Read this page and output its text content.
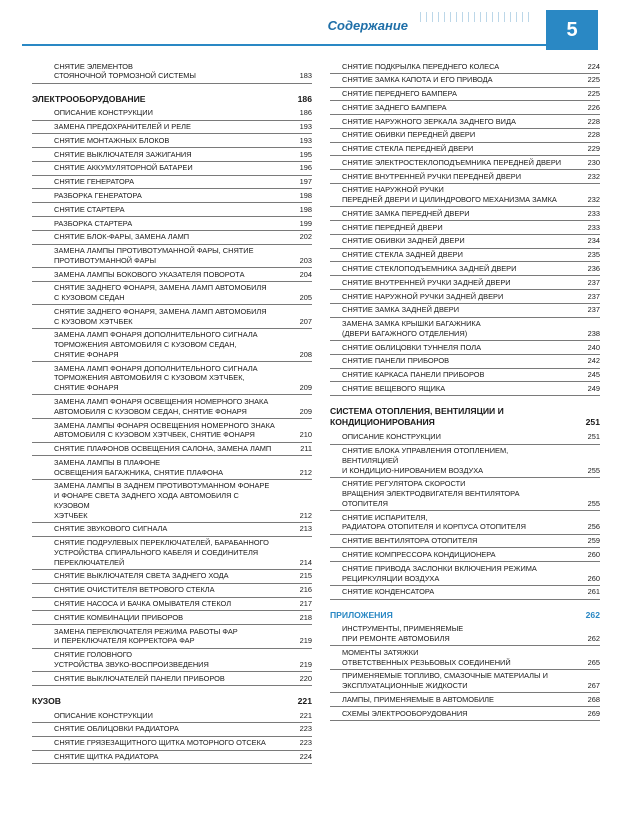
Содержание	5
СНЯТИЕ ЭЛЕМЕНТОВ
СТОЯНОЧНОЙ ТОРМОЗНОЙ СИСТЕМЫ	183
ЭЛЕКТРООБОРУДОВАНИЕ	186
ОПИСАНИЕ КОНСТРУКЦИИ	186
ЗАМЕНА ПРЕДОХРАНИТЕЛЕЙ И РЕЛЕ	193
СНЯТИЕ МОНТАЖНЫХ БЛОКОВ	193
СНЯТИЕ ВЫКЛЮЧАТЕЛЯ ЗАЖИГАНИЯ	195
СНЯТИЕ АККУМУЛЯТОРНОЙ БАТАРЕИ	196
СНЯТИЕ ГЕНЕРАТОРА	197
РАЗБОРКА ГЕНЕРАТОРА	198
СНЯТИЕ СТАРТЕРА	198
РАЗБОРКА СТАРТЕРА	199
СНЯТИЕ БЛОК-ФАРЫ, ЗАМЕНА ЛАМП	202
ЗАМЕНА ЛАМПЫ ПРОТИВОТУМАННОЙ ФАРЫ, СНЯТИЕ
ПРОТИВОТУМАННОЙ ФАРЫ	203
ЗАМЕНА ЛАМПЫ БОКОВОГО УКАЗАТЕЛЯ ПОВОРОТА	204
СНЯТИЕ ЗАДНЕГО ФОНАРЯ, ЗАМЕНА ЛАМП АВТОМОБИЛЯ
С КУЗОВОМ СЕДАН	205
СНЯТИЕ ЗАДНЕГО ФОНАРЯ, ЗАМЕНА ЛАМП АВТОМОБИЛЯ
С КУЗОВОМ ХЭТЧБЕК	207
ЗАМЕНА ЛАМП ФОНАРЯ ДОПОЛНИТЕЛЬНОГО СИГНАЛА
ТОРМОЖЕНИЯ АВТОМОБИЛЯ С КУЗОВОМ СЕДАН,
СНЯТИЕ ФОНАРЯ	208
ЗАМЕНА ЛАМП ФОНАРЯ ДОПОЛНИТЕЛЬНОГО СИГНАЛА
ТОРМОЖЕНИЯ АВТОМОБИЛЯ С КУЗОВОМ ХЭТЧБЕК,
СНЯТИЕ ФОНАРЯ	209
ЗАМЕНА ЛАМП ФОНАРЯ ОСВЕЩЕНИЯ НОМЕРНОГО ЗНАКА
АВТОМОБИЛЯ С КУЗОВОМ СЕДАН, СНЯТИЕ ФОНАРЯ	209
ЗАМЕНА ЛАМПЫ ФОНАРЯ ОСВЕЩЕНИЯ НОМЕРНОГО ЗНАКА
АВТОМОБИЛЯ С КУЗОВОМ ХЭТЧБЕК, СНЯТИЕ ФОНАРЯ	210
СНЯТИЕ ПЛАФОНОВ ОСВЕЩЕНИЯ САЛОНА, ЗАМЕНА ЛАМП	211
ЗАМЕНА ЛАМПЫ В ПЛАФОНЕ
ОСВЕЩЕНИЯ БАГАЖНИКА, СНЯТИЕ ПЛАФОНА	212
ЗАМЕНА ЛАМПЫ В ЗАДНЕМ ПРОТИВОТУМАННОМ ФОНАРЕ
И ФОНАРЕ СВЕТА ЗАДНЕГО ХОДА АВТОМОБИЛЯ С КУЗОВОМ
ХЭТЧБЕК	212
СНЯТИЕ ЗВУКОВОГО СИГНАЛА	213
СНЯТИЕ ПОДРУЛЕВЫХ ПЕРЕКЛЮЧАТЕЛЕЙ, БАРАБАННОГО
УСТРОЙСТВА СПИРАЛЬНОГО КАБЕЛЯ И СОЕДИНИТЕЛЯ
ПЕРЕКЛЮЧАТЕЛЕЙ	214
СНЯТИЕ ВЫКЛЮЧАТЕЛЯ СВЕТА ЗАДНЕГО ХОДА	215
СНЯТИЕ ОЧИСТИТЕЛЯ ВЕТРОВОГО СТЕКЛА	216
СНЯТИЕ НАСОСА И БАЧКА ОМЫВАТЕЛЯ СТЕКОЛ	217
СНЯТИЕ КОМБИНАЦИИ ПРИБОРОВ	218
ЗАМЕНА ПЕРЕКЛЮЧАТЕЛЯ РЕЖИМА РАБОТЫ ФАР
И ПЕРЕКЛЮЧАТЕЛЯ КОРРЕКТОРА ФАР	219
СНЯТИЕ ГОЛОВНОГО
УСТРОЙСТВА ЗВУКО-ВОСПРОИЗВЕДЕНИЯ	219
СНЯТИЕ ВЫКЛЮЧАТЕЛЕЙ ПАНЕЛИ ПРИБОРОВ	220
КУЗОВ	221
ОПИСАНИЕ КОНСТРУКЦИИ	221
СНЯТИЕ ОБЛИЦОВКИ РАДИАТОРА	223
СНЯТИЕ ГРЯЗЕЗАЩИТНОГО ЩИТКА МОТОРНОГО ОТСЕКА	223
СНЯТИЕ ЩИТКА РАДИАТОРА	224
СНЯТИЕ ПОДКРЫЛКА ПЕРЕДНЕГО КОЛЕСА	224
СНЯТИЕ ЗАМКА КАПОТА И ЕГО ПРИВОДА	225
СНЯТИЕ ПЕРЕДНЕГО БАМПЕРА	225
СНЯТИЕ ЗАДНЕГО БАМПЕРА	226
СНЯТИЕ НАРУЖНОГО ЗЕРКАЛА ЗАДНЕГО ВИДА	228
СНЯТИЕ ОБИВКИ ПЕРЕДНЕЙ ДВЕРИ	228
СНЯТИЕ СТЕКЛА ПЕРЕДНЕЙ ДВЕРИ	229
СНЯТИЕ ЭЛЕКТРОСТЕКЛОПОДЪЕМНИКА ПЕРЕДНЕЙ ДВЕРИ	230
СНЯТИЕ ВНУТРЕННЕЙ РУЧКИ ПЕРЕДНЕЙ ДВЕРИ	232
СНЯТИЕ НАРУЖНОЙ РУЧКИ
ПЕРЕДНЕЙ ДВЕРИ И ЦИЛИНДРОВОГО МЕХАНИЗМА ЗАМКА	232
СНЯТИЕ ЗАМКА ПЕРЕДНЕЙ ДВЕРИ	233
СНЯТИЕ ПЕРЕДНЕЙ ДВЕРИ	233
СНЯТИЕ ОБИВКИ ЗАДНЕЙ ДВЕРИ	234
СНЯТИЕ СТЕКЛА ЗАДНЕЙ ДВЕРИ	235
СНЯТИЕ СТЕКЛОПОДЪЕМНИКА ЗАДНЕЙ ДВЕРИ	236
СНЯТИЕ ВНУТРЕННЕЙ РУЧКИ ЗАДНЕЙ ДВЕРИ	237
СНЯТИЕ НАРУЖНОЙ РУЧКИ ЗАДНЕЙ ДВЕРИ	237
СНЯТИЕ ЗАМКА ЗАДНЕЙ ДВЕРИ	237
ЗАМЕНА ЗАМКА КРЫШКИ БАГАЖНИКА
(ДВЕРИ БАГАЖНОГО ОТДЕЛЕНИЯ)	238
СНЯТИЕ ОБЛИЦОВКИ ТУННЕЛЯ ПОЛА	240
СНЯТИЕ ПАНЕЛИ ПРИБОРОВ	242
СНЯТИЕ КАРКАСА ПАНЕЛИ ПРИБОРОВ	245
СНЯТИЕ ВЕЩЕВОГО ЯЩИКА	249
СИСТЕМА ОТОПЛЕНИЯ, ВЕНТИЛЯЦИИ И
КОНДИЦИОНИРОВАНИЯ	251
ОПИСАНИЕ КОНСТРУКЦИИ	251
СНЯТИЕ БЛОКА УПРАВЛЕНИЯ ОТОПЛЕНИЕМ, ВЕНТИЛЯЦИЕЙ
И КОНДИЦИО-НИРОВАНИЕМ ВОЗДУХА	255
СНЯТИЕ РЕГУЛЯТОРА СКОРОСТИ
ВРАЩЕНИЯ ЭЛЕКТРОДВИГАТЕЛЯ ВЕНТИЛЯТОРА ОТОПИТЕЛЯ	255
СНЯТИЕ ИСПАРИТЕЛЯ,
РАДИАТОРА ОТОПИТЕЛЯ И КОРПУСА ОТОПИТЕЛЯ	256
СНЯТИЕ ВЕНТИЛЯТОРА ОТОПИТЕЛЯ	259
СНЯТИЕ КОМПРЕССОРА КОНДИЦИОНЕРА	260
СНЯТИЕ ПРИВОДА ЗАСЛОНКИ ВКЛЮЧЕНИЯ РЕЖИМА
РЕЦИРКУЛЯЦИИ ВОЗДУХА	260
СНЯТИЕ КОНДЕНСАТОРА	261
ПРИЛОЖЕНИЯ	262
ИНСТРУМЕНТЫ, ПРИМЕНЯЕМЫЕ
ПРИ РЕМОНТЕ АВТОМОБИЛЯ	262
МОМЕНТЫ ЗАТЯЖКИ
ОТВЕТСТВЕННЫХ РЕЗЬБОВЫХ СОЕДИНЕНИЙ	265
ПРИМЕНЯЕМЫЕ ТОПЛИВО, СМАЗОЧНЫЕ МАТЕРИАЛЫ И
ЭКСПЛУАТАЦИОННЫЕ ЖИДКОСТИ	267
ЛАМПЫ, ПРИМЕНЯЕМЫЕ В АВТОМОБИЛЕ	268
СХЕМЫ ЭЛЕКТРООБОРУДОВАНИЯ	269
